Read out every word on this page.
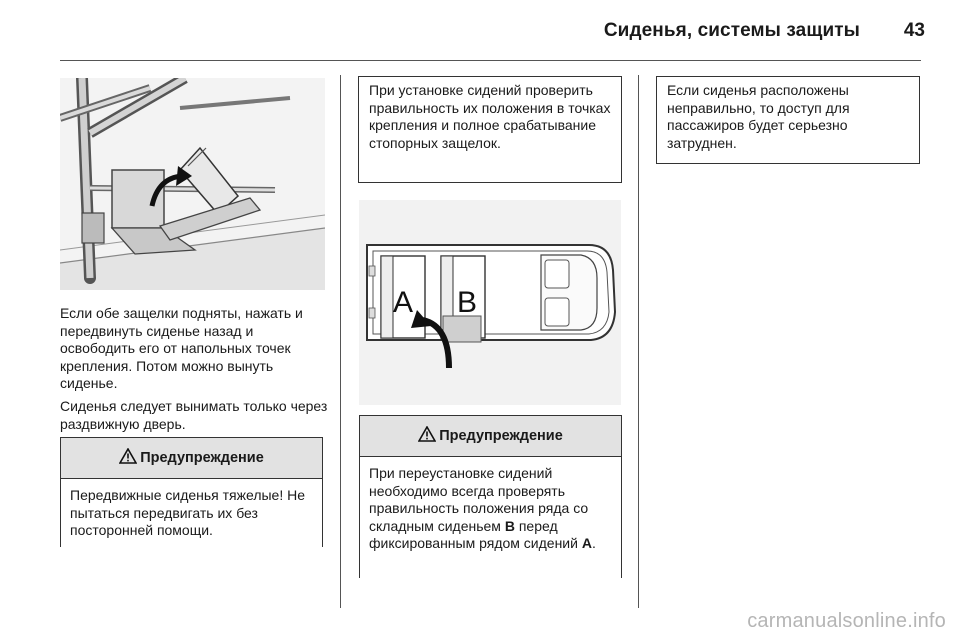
Сиденья, системы защиты	43

Если обе защелки подняты, нажать и передвинуть сиденье назад и освободить его от напольных точек крепления. Потом можно вынуть сиденье.

Сиденья следует вынимать только через раздвижную дверь.

Предупреждение

Передвижные сиденья тяжелые! Не пытаться передвигать их без посторонней помощи.

При установке сидений проверить правильность их положения в точках крепления и полное срабатывание стопорных защелок.

A B
Предупреждение

При переустановке сидений необходимо всегда проверять правильность положения ряда со складным сиденьем B перед фиксированным рядом сидений A.

Если сиденья расположены неправильно, то доступ для пассажиров будет серьезно затруднен.

carmanualsonline.info
